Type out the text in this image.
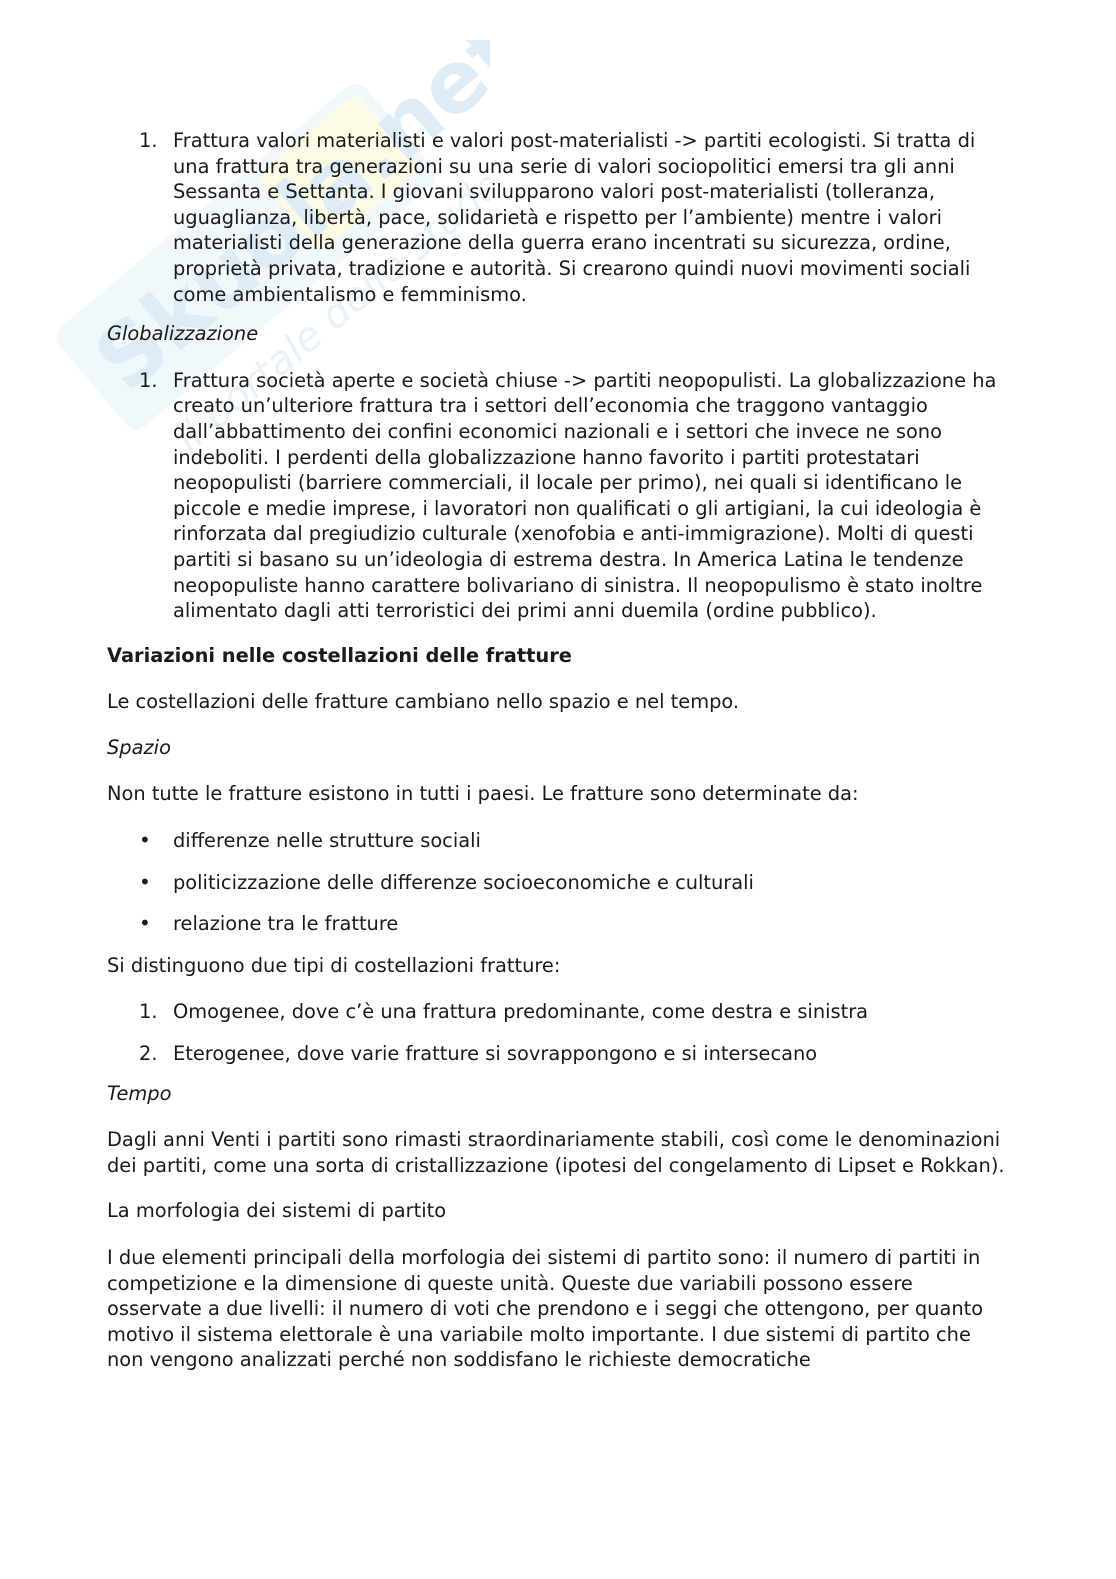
Skuola.net
il portale dello studente
1. Frattura valori materialisti e valori post-materialisti -> partiti ecologisti. Si tratta di una frattura tra generazioni su una serie di valori sociopolitici emersi tra gli anni Sessanta e Settanta. I giovani svilupparono valori post-materialisti (tolleranza, uguaglianza, libertà, pace, solidarietà e rispetto per l’ambiente) mentre i valori materialisti della generazione della guerra erano incentrati su sicurezza, ordine, proprietà privata, tradizione e autorità. Si crearono quindi nuovi movimenti sociali come ambientalismo e femminismo.

Globalizzazione

1. Frattura società aperte e società chiuse -> partiti neopopulisti. La globalizzazione ha creato un’ulteriore frattura tra i settori dell’economia che traggono vantaggio dall’abbattimento dei confini economici nazionali e i settori che invece ne sono indeboliti. I perdenti della globalizzazione hanno favorito i partiti protestatari neopopulisti (barriere commerciali, il locale per primo), nei quali si identificano le piccole e medie imprese, i lavoratori non qualificati o gli artigiani, la cui ideologia è rinforzata dal pregiudizio culturale (xenofobia e anti-immigrazione). Molti di questi partiti si basano su un’ideologia di estrema destra. In America Latina le tendenze neopopuliste hanno carattere bolivariano di sinistra. Il neopopulismo è stato inoltre alimentato dagli atti terroristici dei primi anni duemila (ordine pubblico).

Variazioni nelle costellazioni delle fratture

Le costellazioni delle fratture cambiano nello spazio e nel tempo.

Spazio

Non tutte le fratture esistono in tutti i paesi. Le fratture sono determinate da:

• differenze nelle strutture sociali
• politicizzazione delle differenze socioeconomiche e culturali
• relazione tra le fratture

Si distinguono due tipi di costellazioni fratture:

1. Omogenee, dove c’è una frattura predominante, come destra e sinistra
2. Eterogenee, dove varie fratture si sovrappongono e si intersecano

Tempo

Dagli anni Venti i partiti sono rimasti straordinariamente stabili, così come le denominazioni dei partiti, come una sorta di cristallizzazione (ipotesi del congelamento di Lipset e Rokkan).

La morfologia dei sistemi di partito

I due elementi principali della morfologia dei sistemi di partito sono: il numero di partiti in competizione e la dimensione di queste unità. Queste due variabili possono essere osservate a due livelli: il numero di voti che prendono e i seggi che ottengono, per quanto motivo il sistema elettorale è una variabile molto importante. I due sistemi di partito che non vengono analizzati perché non soddisfano le richieste democratiche
